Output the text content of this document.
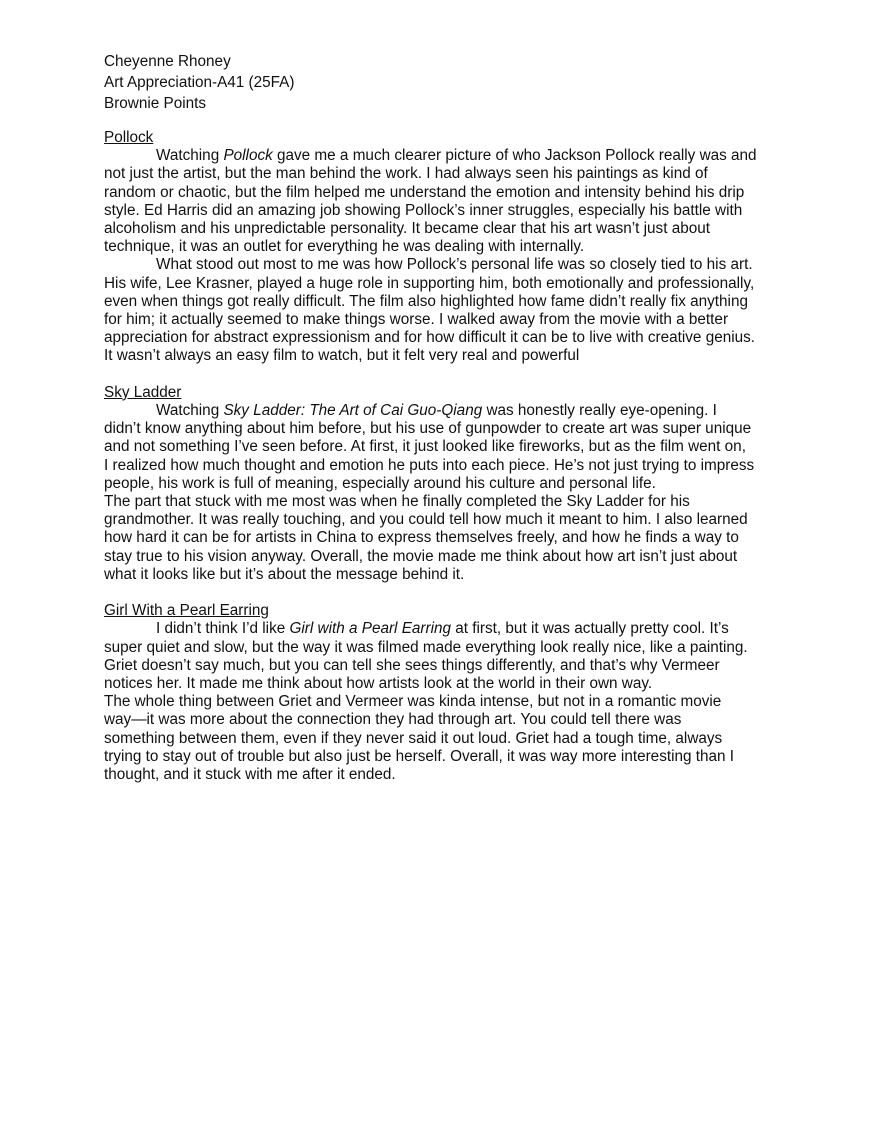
Cheyenne Rhoney
Art Appreciation-A41 (25FA)
Brownie Points
Pollock
Watching Pollock gave me a much clearer picture of who Jackson Pollock really was and
not just the artist, but the man behind the work. I had always seen his paintings as kind of
random or chaotic, but the film helped me understand the emotion and intensity behind his drip
style. Ed Harris did an amazing job showing Pollock’s inner struggles, especially his battle with
alcoholism and his unpredictable personality. It became clear that his art wasn’t just about
technique, it was an outlet for everything he was dealing with internally.
What stood out most to me was how Pollock’s personal life was so closely tied to his art.
His wife, Lee Krasner, played a huge role in supporting him, both emotionally and professionally,
even when things got really difficult. The film also highlighted how fame didn’t really fix anything
for him; it actually seemed to make things worse. I walked away from the movie with a better
appreciation for abstract expressionism and for how difficult it can be to live with creative genius.
It wasn’t always an easy film to watch, but it felt very real and powerful
Sky Ladder
Watching Sky Ladder: The Art of Cai Guo-Qiang was honestly really eye-opening. I
didn’t know anything about him before, but his use of gunpowder to create art was super unique
and not something I’ve seen before. At first, it just looked like fireworks, but as the film went on,
I realized how much thought and emotion he puts into each piece. He’s not just trying to impress
people, his work is full of meaning, especially around his culture and personal life.
The part that stuck with me most was when he finally completed the Sky Ladder for his
grandmother. It was really touching, and you could tell how much it meant to him. I also learned
how hard it can be for artists in China to express themselves freely, and how he finds a way to
stay true to his vision anyway. Overall, the movie made me think about how art isn’t just about
what it looks like but it’s about the message behind it.
Girl With a Pearl Earring
I didn’t think I’d like Girl with a Pearl Earring at first, but it was actually pretty cool. It’s
super quiet and slow, but the way it was filmed made everything look really nice, like a painting.
Griet doesn’t say much, but you can tell she sees things differently, and that’s why Vermeer
notices her. It made me think about how artists look at the world in their own way.
The whole thing between Griet and Vermeer was kinda intense, but not in a romantic movie
way—it was more about the connection they had through art. You could tell there was
something between them, even if they never said it out loud. Griet had a tough time, always
trying to stay out of trouble but also just be herself. Overall, it was way more interesting than I
thought, and it stuck with me after it ended.
